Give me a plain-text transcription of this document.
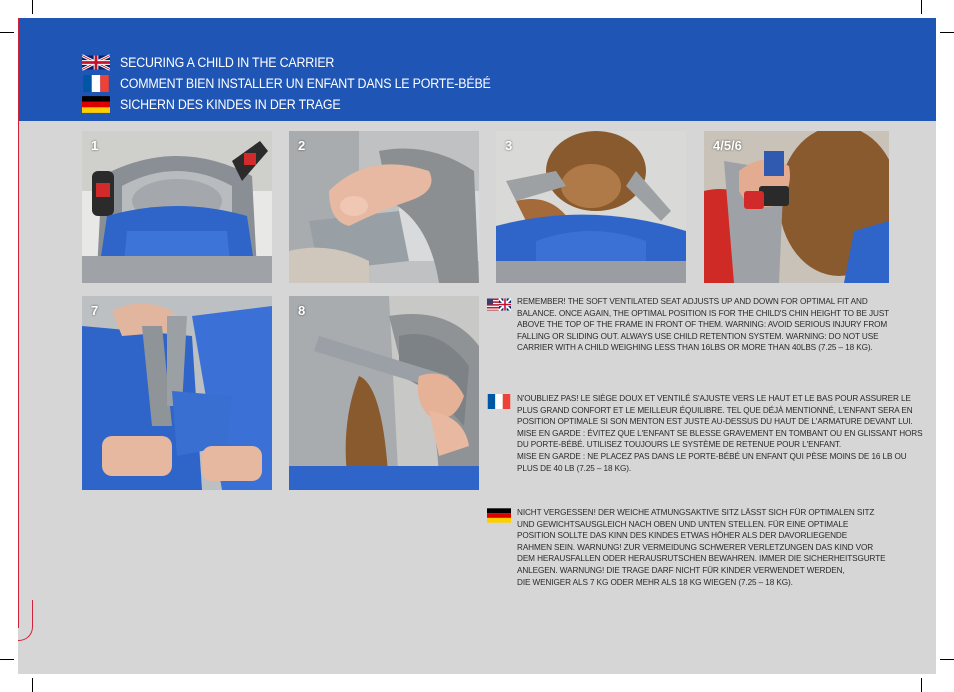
SECURING A CHILD IN THE CARRIER
COMMENT BIEN INSTALLER UN ENFANT DANS LE PORTE-BÉBÉ
SICHERN DES KINDES IN DER TRAGE
1	2	3	4/5/6
7	8

REMEMBER! THE SOFT VENTILATED SEAT ADJUSTS UP AND DOWN FOR OPTIMAL FIT AND
BALANCE. ONCE AGAIN, THE OPTIMAL POSITION IS FOR THE CHILD'S CHIN HEIGHT TO BE JUST
ABOVE THE TOP OF THE FRAME IN FRONT OF THEM. WARNING: AVOID SERIOUS INJURY FROM
FALLING OR SLIDING OUT. ALWAYS USE CHILD RETENTION SYSTEM. WARNING: DO NOT USE
CARRIER WITH A CHILD WEIGHING LESS THAN 16LBS OR MORE THAN 40LBS (7.25 – 18 KG).

N'OUBLIEZ PAS! LE SIÈGE DOUX ET VENTILÉ S'AJUSTE VERS LE HAUT ET LE BAS POUR ASSURER LE
PLUS GRAND CONFORT ET LE MEILLEUR ÉQUILIBRE. TEL QUE DÉJÀ MENTIONNÉ, L'ENFANT SERA EN
POSITION OPTIMALE SI SON MENTON EST JUSTE AU-DESSUS DU HAUT DE L'ARMATURE DEVANT LUI.
MISE EN GARDE : ÉVITEZ QUE L'ENFANT SE BLESSE GRAVEMENT EN TOMBANT OU EN GLISSANT HORS
DU PORTE-BÉBÉ. UTILISEZ TOUJOURS LE SYSTÈME DE RETENUE POUR L'ENFANT.
MISE EN GARDE : NE PLACEZ PAS DANS LE PORTE-BÉBÉ UN ENFANT QUI PÈSE MOINS DE 16 LB OU
PLUS DE 40 LB (7.25 – 18 KG).

NICHT VERGESSEN! DER WEICHE ATMUNGSAKTIVE SITZ LÄSST SICH FÜR OPTIMALEN SITZ
UND GEWICHTSAUSGLEICH NACH OBEN UND UNTEN STELLEN. FÜR EINE OPTIMALE
POSITION SOLLTE DAS KINN DES KINDES ETWAS HÖHER ALS DER DAVORLIEGENDE
RAHMEN SEIN. WARNUNG! ZUR VERMEIDUNG SCHWERER VERLETZUNGEN DAS KIND VOR
DEM HERAUSFALLEN ODER HERAUSRUTSCHEN BEWAHREN. IMMER DIE SICHERHEITSGURTE
ANLEGEN. WARNUNG! DIE TRAGE DARF NICHT FÜR KINDER VERWENDET WERDEN,
DIE WENIGER ALS 7 KG ODER MEHR ALS 18 KG WIEGEN (7.25 – 18 KG).
